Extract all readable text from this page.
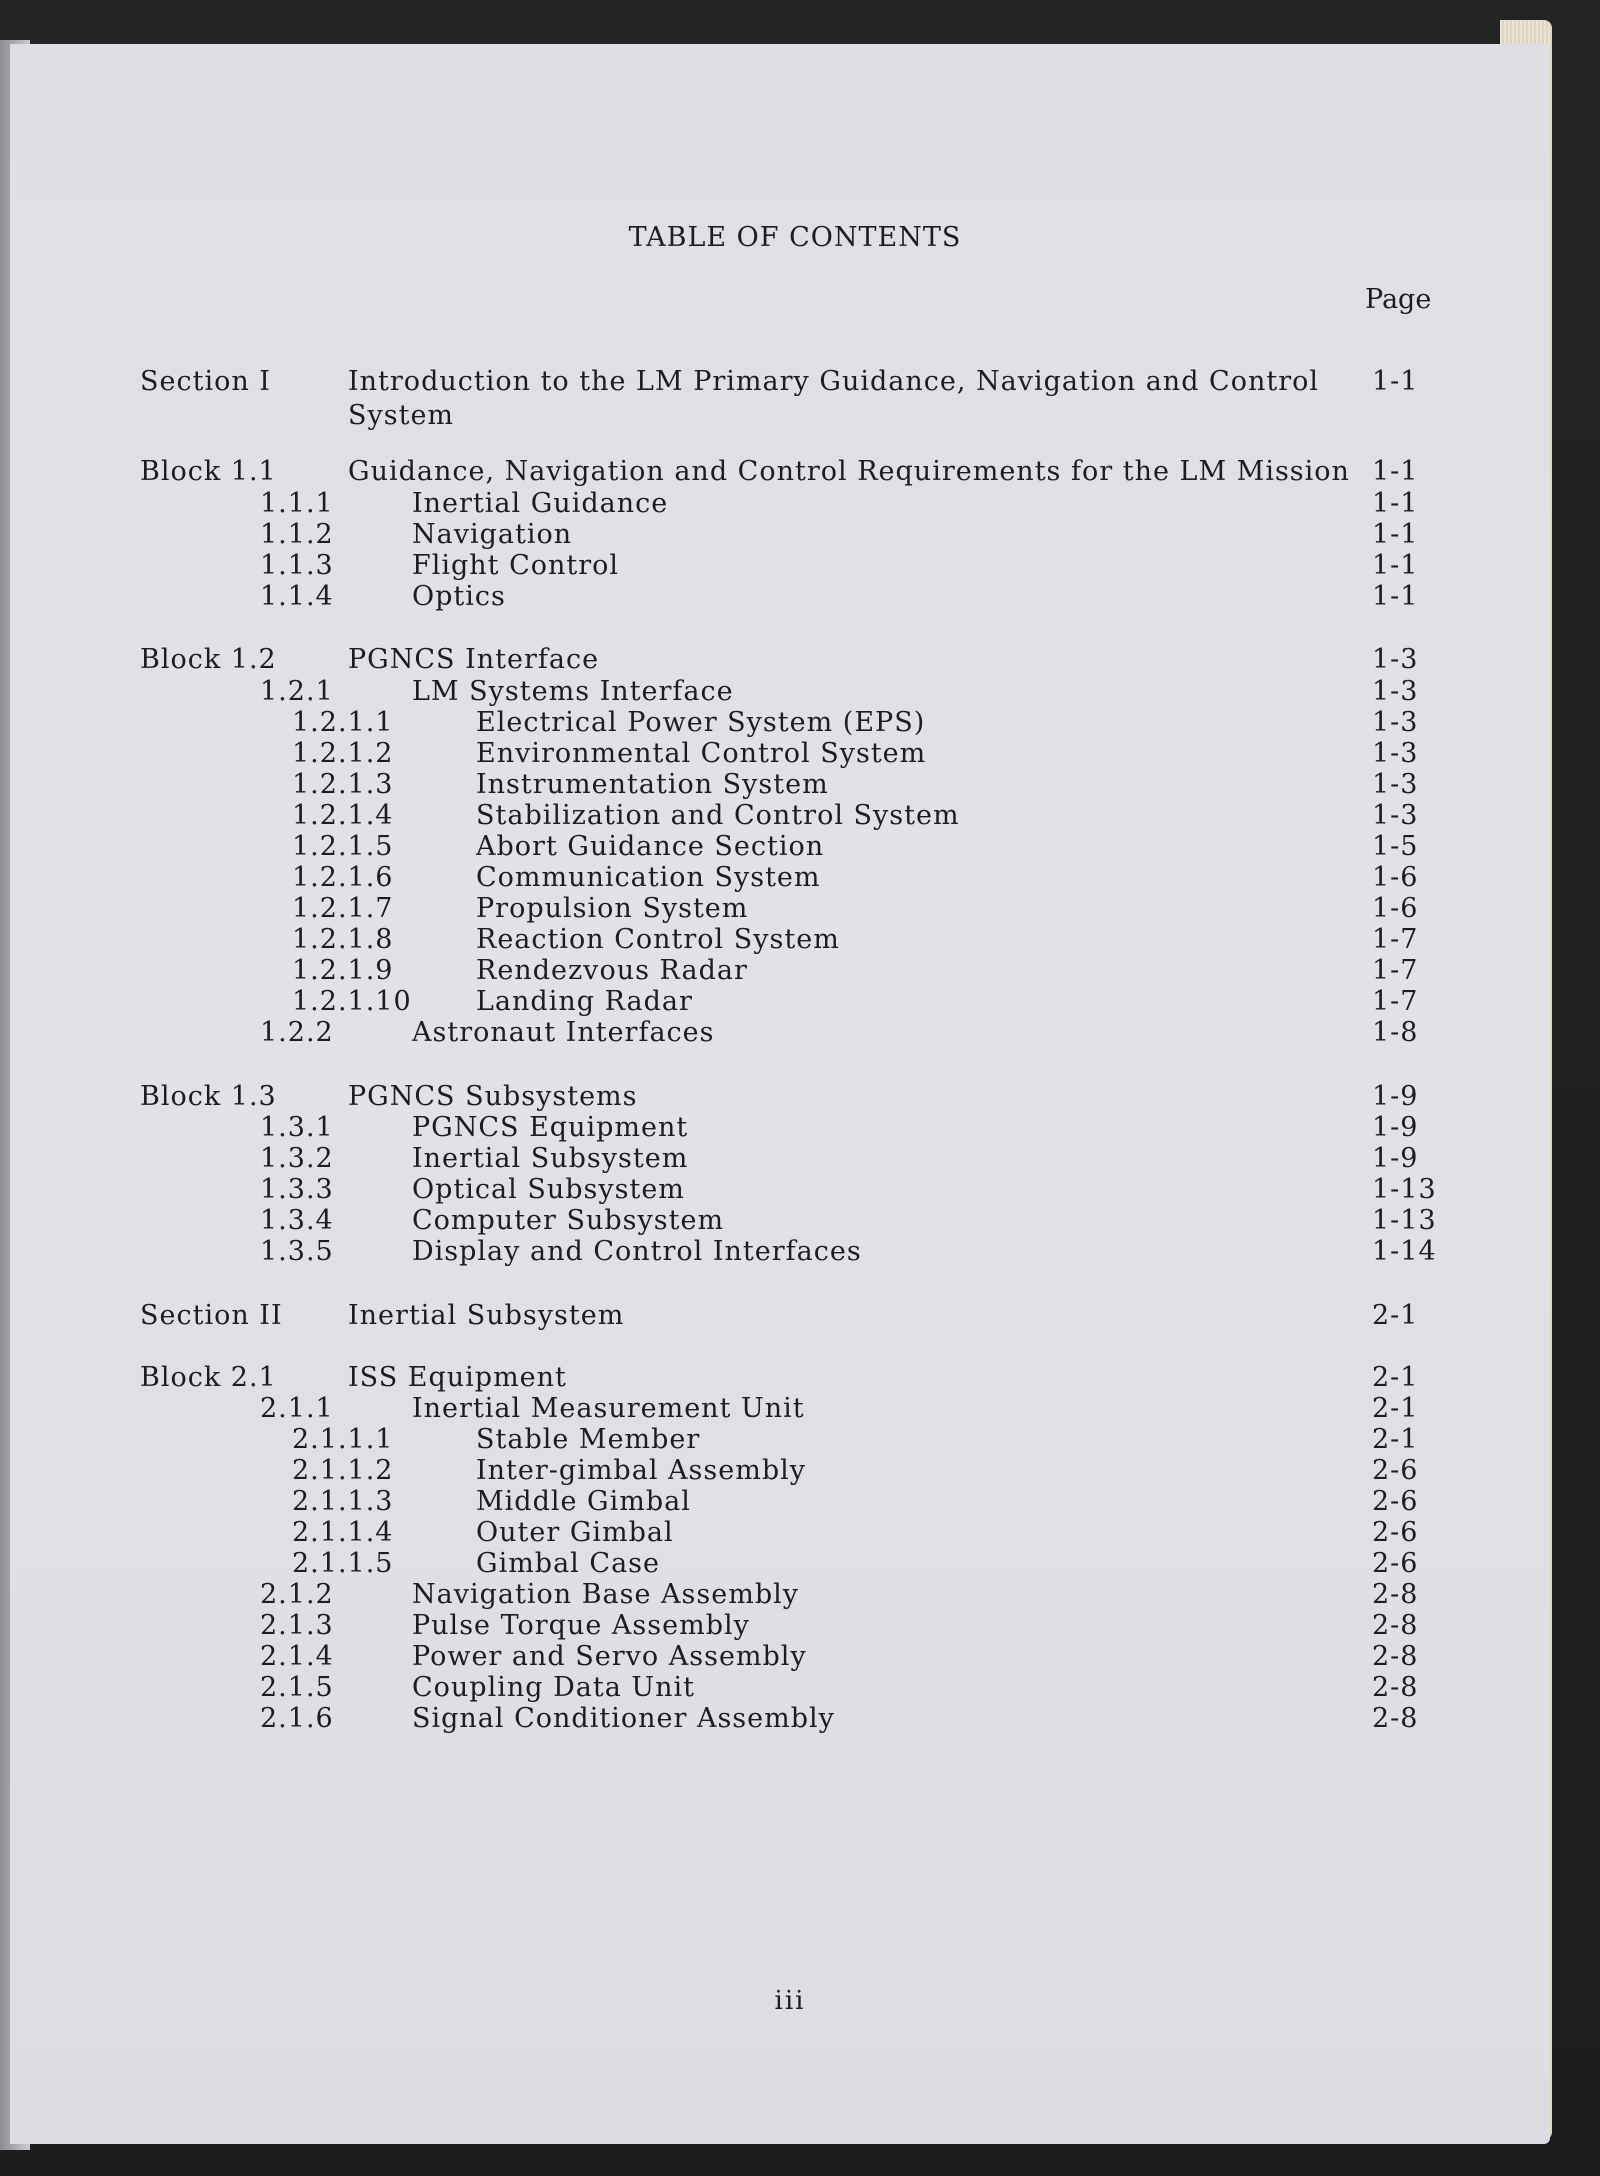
TABLE OF CONTENTS
Page
Section I	Introduction to the LM Primary Guidance, Navigation and Control
System
1-1
Block 1.1	Guidance, Navigation and Control Requirements for the LM Mission 1-1
1.1.1	Inertial Guidance	1-1
1.1.2	Navigation	1-1
1.1.3	Flight Control	1-1
1.1.4	Optics	1-1
Block 1.2	PGNCS Interface	1-3
1.2.1	LM Systems Interface	1-3
1.2.1.1	Electrical Power System (EPS)	1-3
1.2.1.2	Environmental Control System	1-3
1.2.1.3	Instrumentation System	1-3
1.2.1.4	Stabilization and Control System	1-3
1.2.1.5	Abort Guidance Section	1-5
1.2.1.6	Communication System	1-6
1.2.1.7	Propulsion System	1-6
1.2.1.8	Reaction Control System	1-7
1.2.1.9	Rendezvous Radar	1-7
1.2.1.10 Landing Radar	1-7
1.2.2	Astronaut Interfaces	1-8
Block 1.3	PGNCS Subsystems	1-9
1.3.1	PGNCS Equipment	1-9
1.3.2	Inertial Subsystem	1-9
1.3.3	Optical Subsystem	1-13
1.3.4	Computer Subsystem	1-13
1.3.5	Display and Control Interfaces	1-14
Section II Inertial Subsystem	2-1
Block 2.1	ISS Equipment	2-1
2.1.1	Inertial Measurement Unit	2-1
2.1.1.1	Stable Member	2-1
2.1.1.2	Inter-gimbal Assembly	2-6
2.1.1.3	Middle Gimbal	2-6
2.1.1.4	Outer Gimbal	2-6
2.1.1.5	Gimbal Case	2-6
2.1.2	Navigation Base Assembly	2-8
2.1.3	Pulse Torque Assembly	2-8
2.1.4	Power and Servo Assembly	2-8
2.1.5	Coupling Data Unit	2-8
2.1.6	Signal Conditioner Assembly	2-8
iii
